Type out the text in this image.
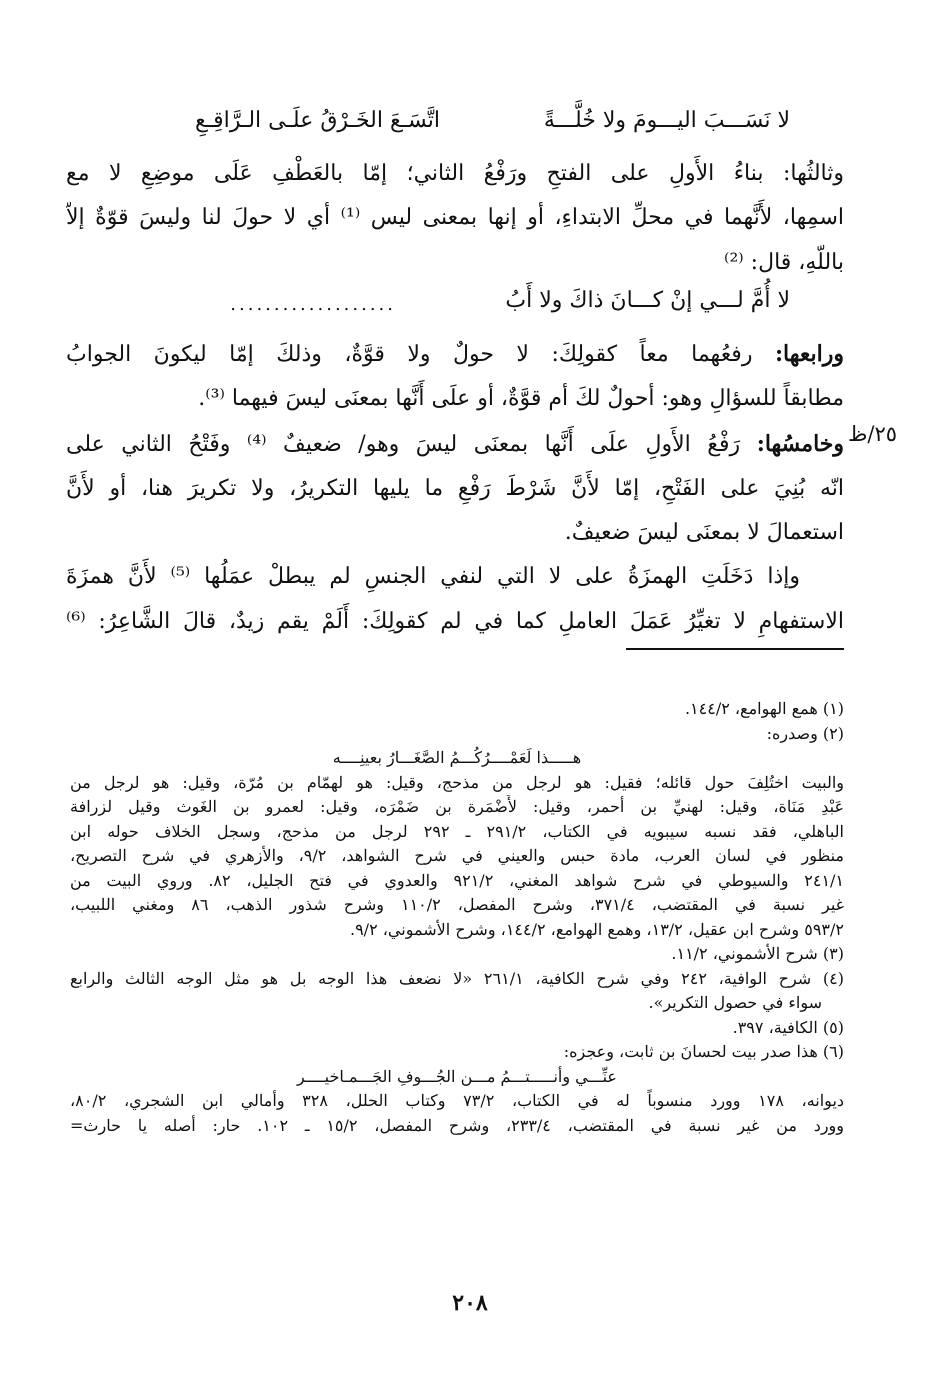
٢٥/ظ
لا نَسَـــبَ اليـــومَ ولا خُلَّـــةً
اتَّسَـعَ الخَـرْقُ علَـى الـرَّاقِـعِ
وثالثُها: بناءُ الأَولِ على الفتحِ ورَفْعُ الثاني؛ إمّا بالعَطْفِ عَلَى موضِعِ لا مع
اسمِها، لأَنَّهما في محلِّ الابتداءِ، أو إنها بمعنى ليس ⁽¹⁾ أي لا حولَ لنا وليسَ قوّةٌ إلاّ
باللّهِ، قال: ⁽²⁾
...................	لا أُمَّ لـــي إنْ كـــانَ ذاكَ ولا أَبُ
ورابعها: رفعُهما معاً كقولِكَ: لا حولٌ ولا قوَّةٌ، وذلكَ إمّا ليكونَ الجوابُ
مطابقاً للسؤالِ وهو: أحولٌ لكَ أم قوَّةٌ، أو علَى أَنَّها بمعنَى ليسَ فيهما ⁽³⁾.
وخامسُها: رَفْعُ الأَولِ علَى أَنَّها بمعنَى ليسَ وهو/ ضعيفٌ ⁽⁴⁾ وفَتْحُ الثاني على
انّه بُنِيَ على الفَتْحِ، إمّا لأَنَّ شَرْطَ رَفْعِ ما يليها التكريرُ، ولا تكريرَ هنا، أو لأَنَّ
استعمالَ لا بمعنَى ليسَ ضعيفٌ.
وإذا دَخَلَتِ الهمزَةُ على لا التي لنفي الجنسِ لم يبطلْ عمَلُها ⁽⁵⁾ لأَنَّ همزَةَ
الاستفهامِ لا تغيِّرُ عَمَلَ العاملِ كما في لم كقولِكَ: أَلَمْ يقم زيدٌ، قالَ الشَّاعِرُ: ⁽⁶⁾
(١) همع الهوامع، ١٤٤/٢.
(٢) وصدره:
هـــــذا لَعَمْــــرُكُـــمُ الصَّغَـــارُ بعينِــــه
والبيت اختُلِفَ حول قائله؛ فقيل: هو لرجل من مذحج، وقيل: هو لهمّام بن مُرّة، وقيل: هو لرجل من
عَبْدِ مَنَاة، وقيل: لهنيِّ بن أحمر، وقيل: لأَضْمَرة بن ضَمْرَه، وقيل: لعمرو بن الغَوث وقيل لزرافة
الباهلي، فقد نسبه سيبويه في الكتاب، ٢٩١/٢ ـ ٢٩٢ لرجل من مذحج، وسجل الخلاف حوله ابن
منظور في لسان العرب، مادة حبس والعيني في شرح الشواهد، ٩/٢، والأزهري في شرح التصريح،
٢٤١/١ والسيوطي في شرح شواهد المغني، ٩٢١/٢ والعدوي في فتح الجليل، ٨٢. وروي البيت من
غير نسبة في المقتضب، ٣٧١/٤، وشرح المفصل، ١١٠/٢ وشرح شذور الذهب، ٨٦ ومغني اللبيب،
٥٩٣/٢ وشرح ابن عقيل، ١٣/٢، وهمع الهوامع، ١٤٤/٢، وشرح الأشموني، ٩/٢.
(٣) شرح الأشموني، ١١/٢.
(٤) شرح الوافية، ٢٤٢ وفي شرح الكافية، ٢٦١/١ «لا نضعف هذا الوجه بل هو مثل الوجه الثالث والرابع
سواء في حصول التكرير».
(٥) الكافية، ٣٩٧.
(٦) هذا صدر بيت لحسانَ بن ثابت، وعجزه:
عنِّـــي وأنـــــتـــمُ مـــن الجُـــوفِ الجَـــمـاخيــــر
ديوانه، ١٧٨ وورد منسوباً له في الكتاب، ٧٣/٢ وكتاب الحلل، ٣٢٨ وأمالي ابن الشجري، ٨٠/٢،
وورد من غير نسبة في المقتضب، ٢٣٣/٤، وشرح المفصل، ١٥/٢ ـ ١٠٢. حار: أصله يا حارث=
٢٠٨
